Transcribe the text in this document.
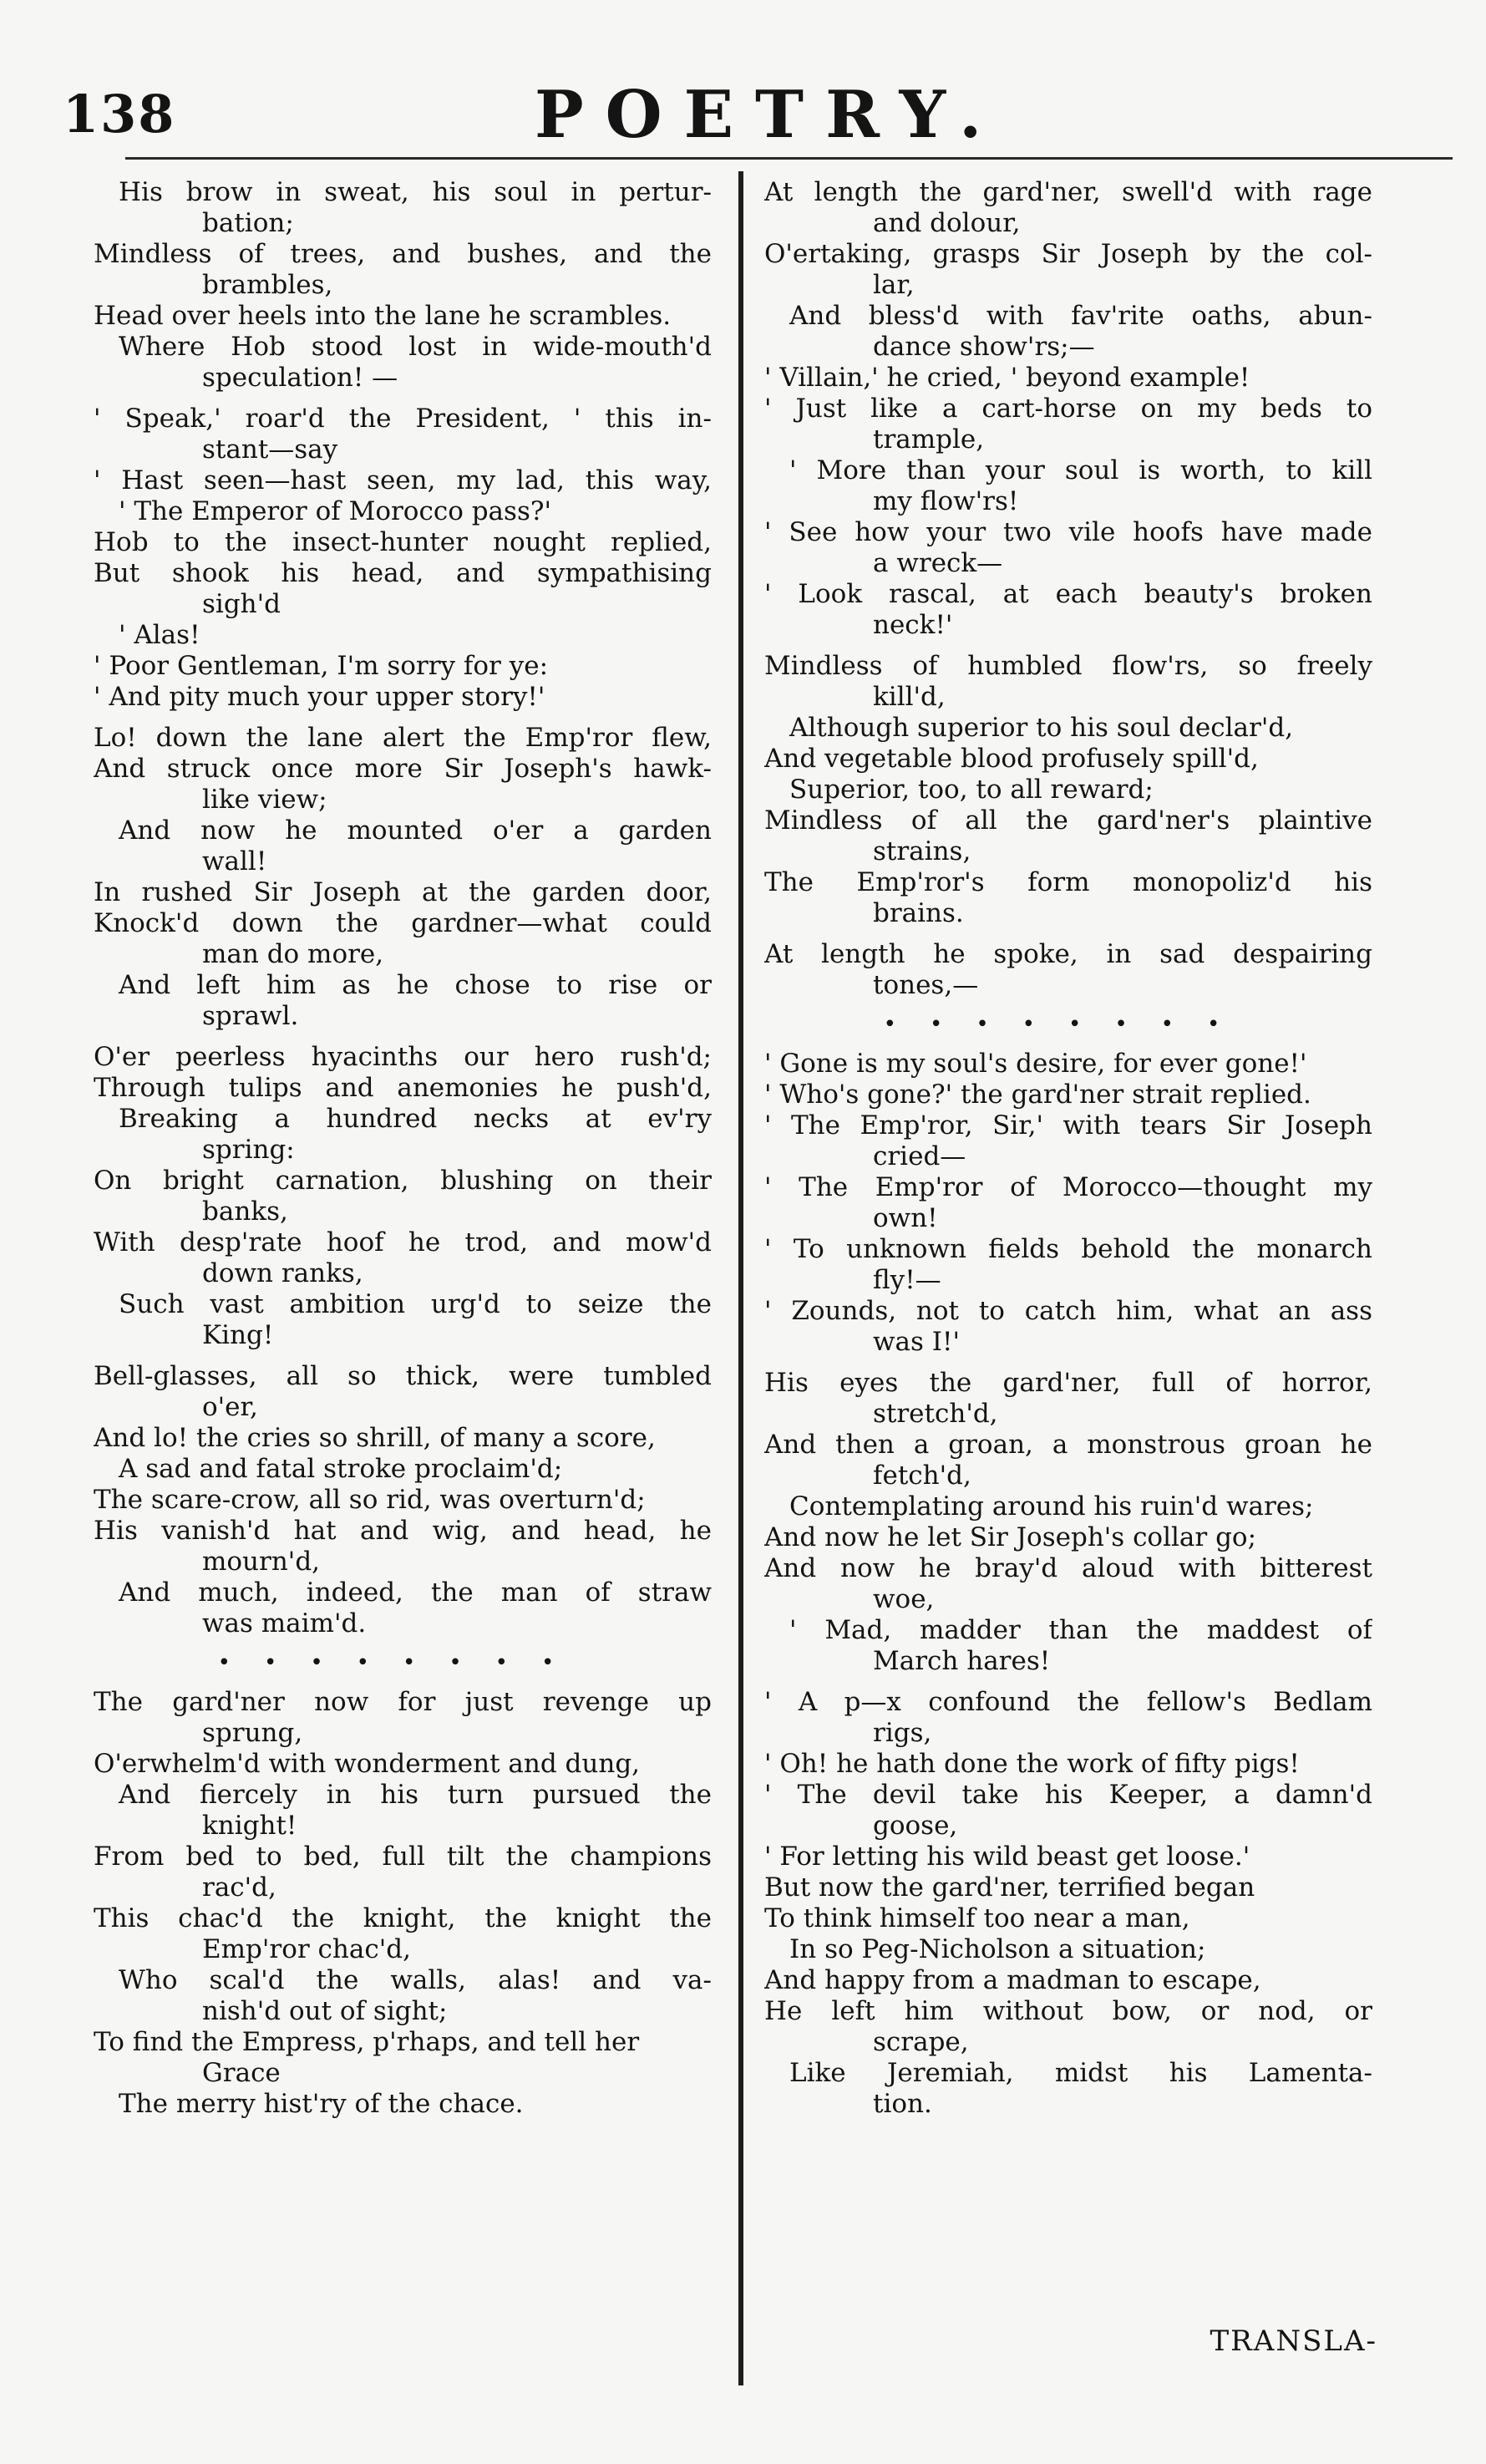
138	POETRY.
His brow in sweat, his soul in pertur-
bation;
Mindless of trees, and bushes, and the
brambles,
Head over heels into the lane he scrambles.
Where Hob stood lost in wide-mouth'd
speculation! —
' Speak,' roar'd the President, ' this in-
stant—say
' Hast seen—hast seen, my lad, this way,
' The Emperor of Morocco pass?'
Hob to the insect-hunter nought replied,
But shook his head, and sympathising
sigh'd
' Alas!
' Poor Gentleman, I'm sorry for ye:
' And pity much your upper story!'
Lo! down the lane alert the Emp'ror flew,
And struck once more Sir Joseph's hawk-
like view;
And now he mounted o'er a garden
wall!
In rushed Sir Joseph at the garden door,
Knock'd down the gardner—what could
man do more,
And left him as he chose to rise or
sprawl.
O'er peerless hyacinths our hero rush'd;
Through tulips and anemonies he push'd,
Breaking a hundred necks at ev'ry
spring:
On bright carnation, blushing on their
banks,
With desp'rate hoof he trod, and mow'd
down ranks,
Such vast ambition urg'd to seize the
King!
Bell-glasses, all so thick, were tumbled
o'er,
And lo! the cries so shrill, of many a score,
A sad and fatal stroke proclaim'd;
The scare-crow, all so rid, was overturn'd;
His vanish'd hat and wig, and head, he
mourn'd,
And much, indeed, the man of straw
was maim'd.
••••••••
The gard'ner now for just revenge up
sprung,
O'erwhelm'd with wonderment and dung,
And fiercely in his turn pursued the
knight!
From bed to bed, full tilt the champions
rac'd,
This chac'd the knight, the knight the
Emp'ror chac'd,
Who scal'd the walls, alas! and va-
nish'd out of sight;
To find the Empress, p'rhaps, and tell her
Grace
The merry hist'ry of the chace.
At length the gard'ner, swell'd with rage
and dolour,
O'ertaking, grasps Sir Joseph by the col-
lar,
And bless'd with fav'rite oaths, abun-
dance show'rs;—
' Villain,' he cried, ' beyond example!
' Just like a cart-horse on my beds to
trample,
' More than your soul is worth, to kill
my flow'rs!
' See how your two vile hoofs have made
a wreck—
' Look rascal, at each beauty's broken
neck!'
Mindless of humbled flow'rs, so freely
kill'd,
Although superior to his soul declar'd,
And vegetable blood profusely spill'd,
Superior, too, to all reward;
Mindless of all the gard'ner's plaintive
strains,
The Emp'ror's form monopoliz'd his
brains.
At length he spoke, in sad despairing
tones,—
••••••••
' Gone is my soul's desire, for ever gone!'
' Who's gone?' the gard'ner strait replied.
' The Emp'ror, Sir,' with tears Sir Joseph
cried—
' The Emp'ror of Morocco—thought my
own!
' To unknown fields behold the monarch
fly!—
' Zounds, not to catch him, what an ass
was I!'
His eyes the gard'ner, full of horror,
stretch'd,
And then a groan, a monstrous groan he
fetch'd,
Contemplating around his ruin'd wares;
And now he let Sir Joseph's collar go;
And now he bray'd aloud with bitterest
woe,
' Mad, madder than the maddest of
March hares!
' A p—x confound the fellow's Bedlam
rigs,
' Oh! he hath done the work of fifty pigs!
' The devil take his Keeper, a damn'd
goose,
' For letting his wild beast get loose.'
But now the gard'ner, terrified began
To think himself too near a man,
In so Peg-Nicholson a situation;
And happy from a madman to escape,
He left him without bow, or nod, or
scrape,
Like Jeremiah, midst his Lamenta-
tion.
TRANSLA-
